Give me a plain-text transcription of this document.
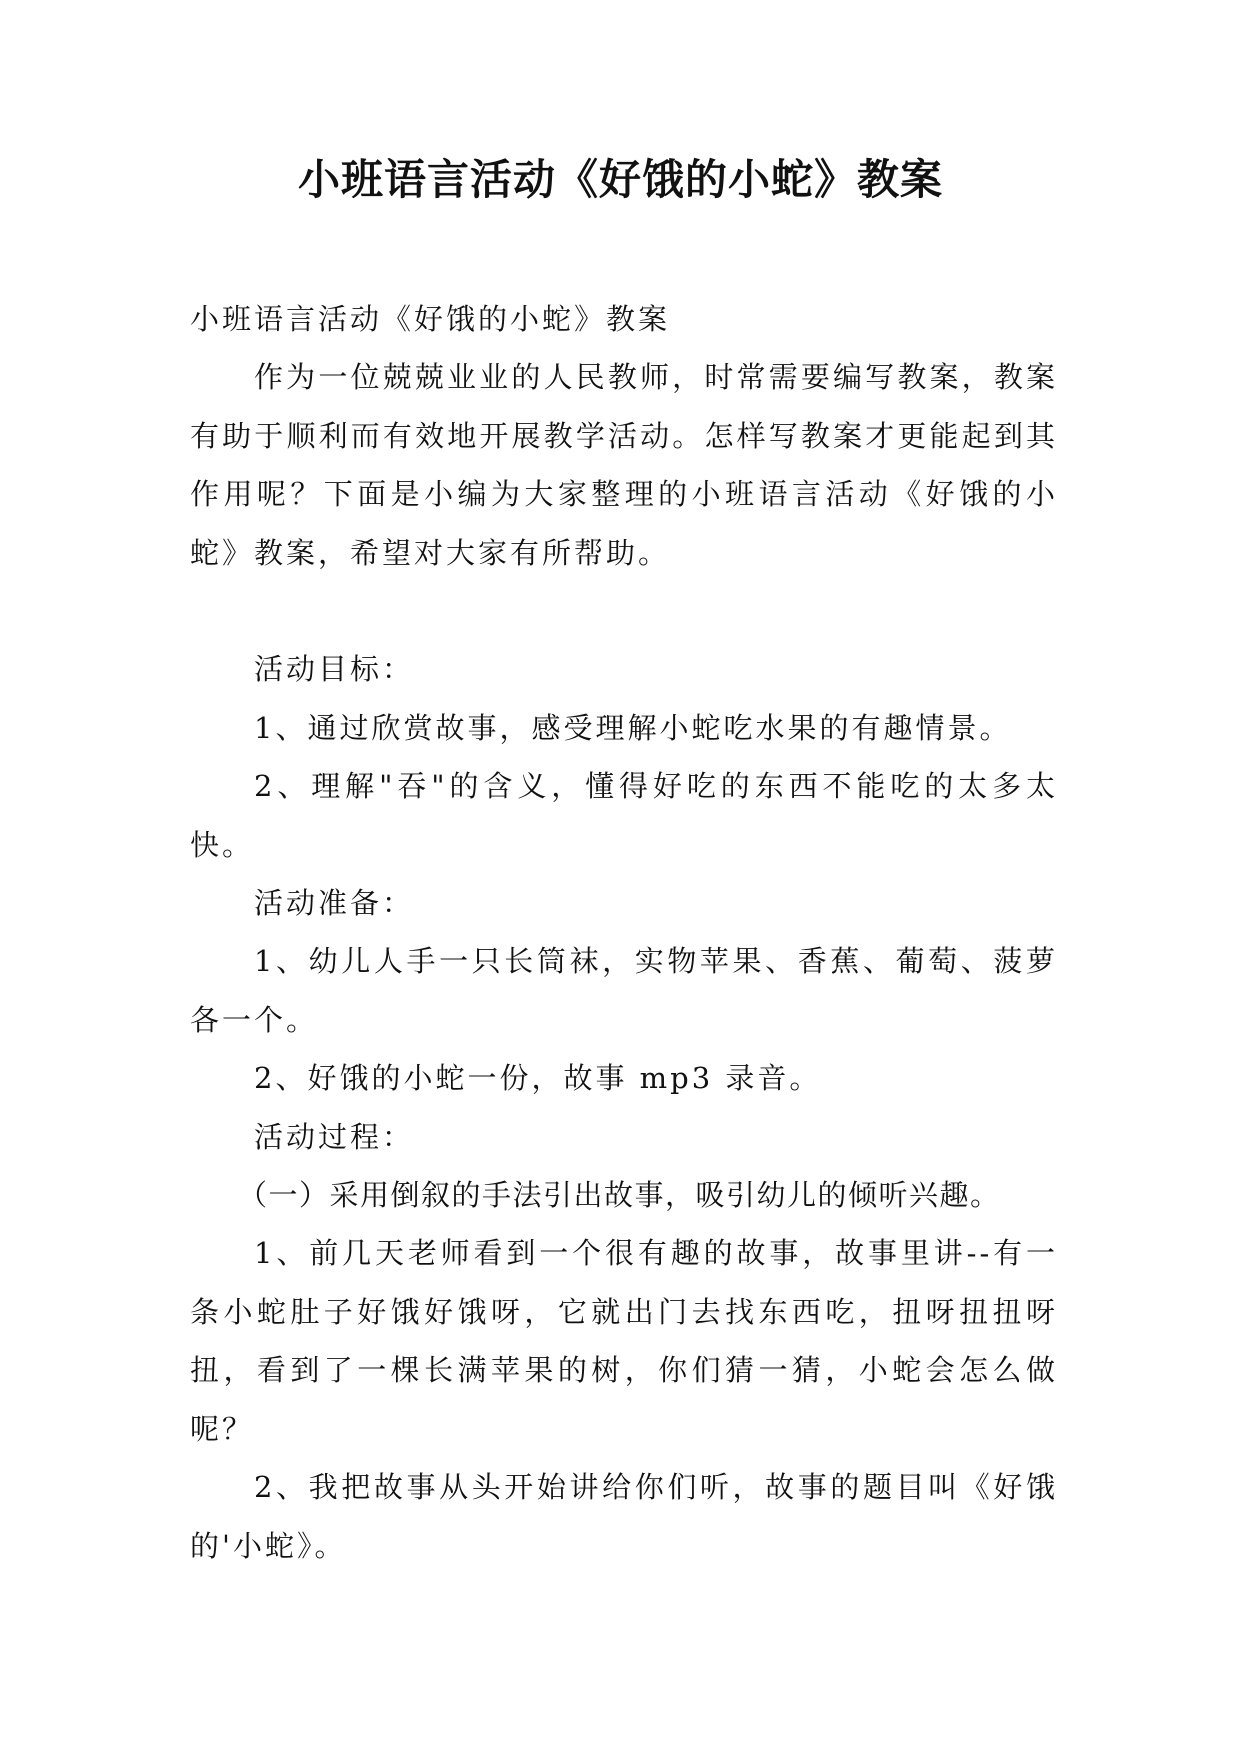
小班语言活动《好饿的小蛇》教案

小班语言活动《好饿的小蛇》教案

作为一位兢兢业业的人民教师，时常需要编写教案，教案有助于顺利而有效地开展教学活动。怎样写教案才更能起到其作用呢？下面是小编为大家整理的小班语言活动《好饿的小蛇》教案，希望对大家有所帮助。

活动目标：

1、通过欣赏故事，感受理解小蛇吃水果的有趣情景。

2、理解"吞"的含义，懂得好吃的东西不能吃的太多太快。

活动准备：

1、幼儿人手一只长筒袜，实物苹果、香蕉、葡萄、菠萝各一个。

2、好饿的小蛇一份，故事 mp3 录音。

活动过程：

（一）采用倒叙的手法引出故事，吸引幼儿的倾听兴趣。

1、前几天老师看到一个很有趣的故事，故事里讲--有一条小蛇肚子好饿好饿呀，它就出门去找东西吃，扭呀扭扭呀扭，看到了一棵长满苹果的树，你们猜一猜，小蛇会怎么做呢？

2、我把故事从头开始讲给你们听，故事的题目叫《好饿的'小蛇》。
